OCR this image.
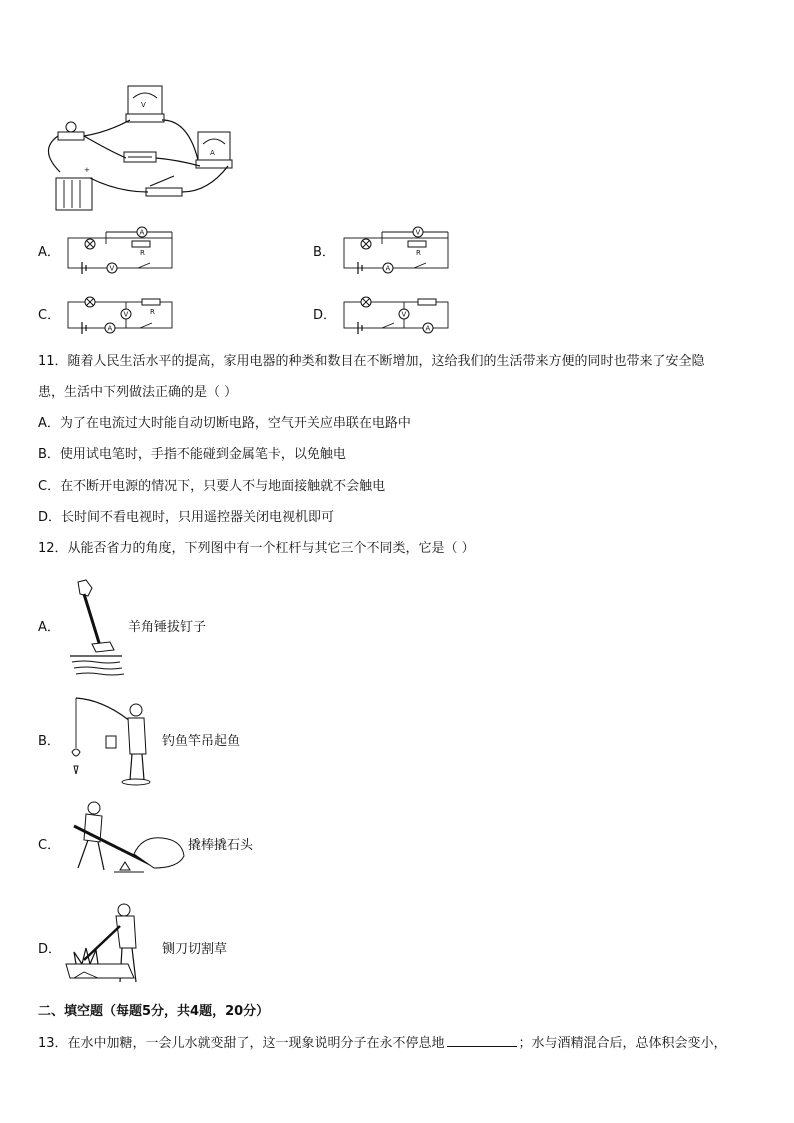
V
A
+
A．
A
R
V
B．
V
R
A
C．	R
V
A
D．	V
A
11．随着人民生活水平的提高，家用电器的种类和数目在不断增加，这给我们的生活带来方便的同时也带来了安全隐
患，生活中下列做法正确的是（ ）
A．为了在电流过大时能自动切断电路，空气开关应串联在电路中
B．使用试电笔时，手指不能碰到金属笔卡，以免触电
C．在不断开电源的情况下，只要人不与地面接触就不会触电
D．长时间不看电视时，只用遥控器关闭电视机即可
12．从能否省力的角度，下列图中有一个杠杆与其它三个不同类，它是（ ）
A．	羊角锤拔钉子
B．	钓鱼竿吊起鱼
C．	撬棒撬石头
D．	铡刀切割草
二、填空题（每题5分，共4题，20分）
13．在水中加糖，一会儿水就变甜了，这一现象说明分子在永不停息地	；水与酒精混合后，总体积会变小，
